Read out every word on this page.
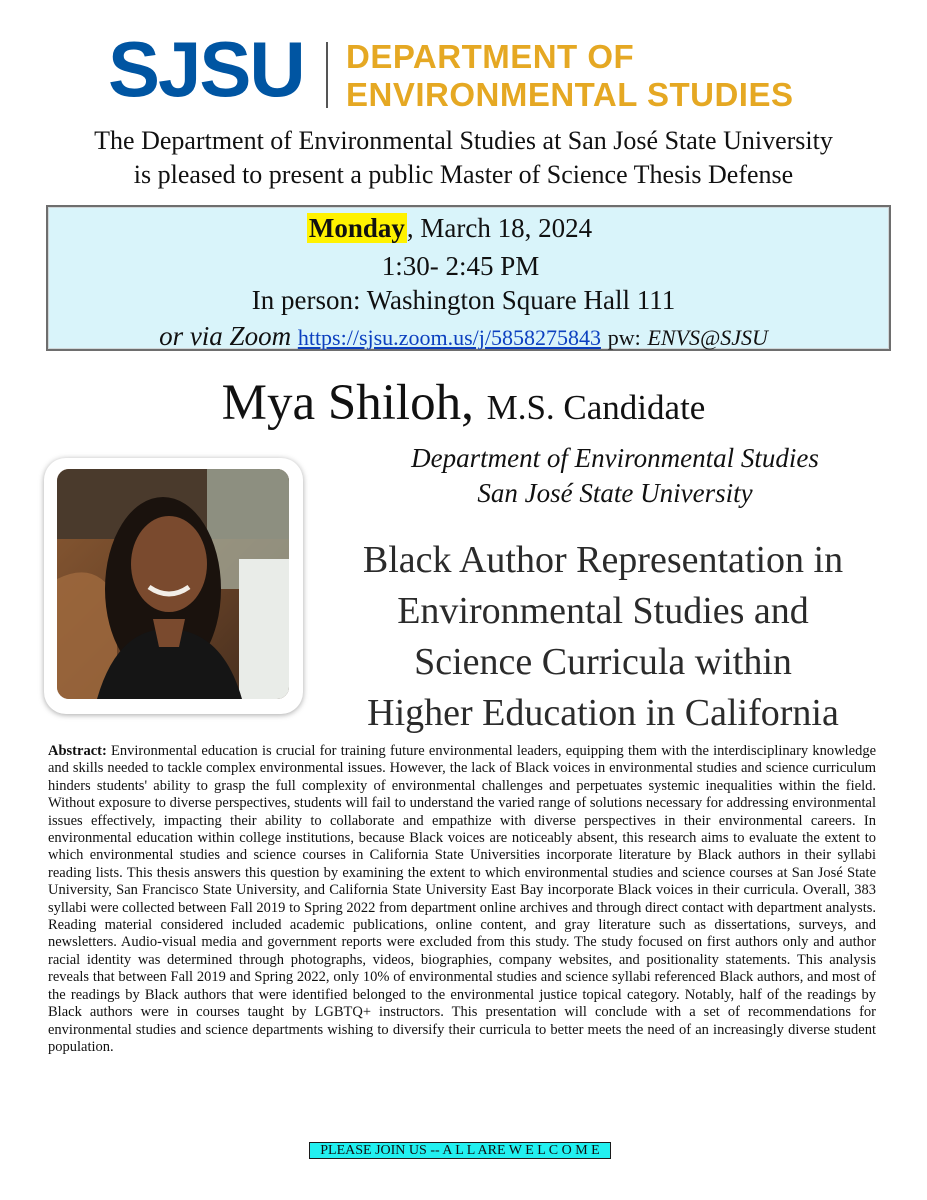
SJSU DEPARTMENT OF
ENVIRONMENTAL STUDIES
The Department of Environmental Studies at San José State University
is pleased to present a public Master of Science Thesis Defense
Monday, March 18, 2024
1:30- 2:45 PM
In person: Washington Square Hall 111
or via Zoom https://sjsu.zoom.us/j/5858275843 pw: ENVS@SJSU
Mya Shiloh, M.S. Candidate
Department of Environmental Studies
San José State University
Black Author Representation in
Environmental Studies and
Science Curricula within
Higher Education in California
Abstract: Environmental education is crucial for training future environmental leaders, equipping them with the interdisciplinary knowledge and skills needed to tackle complex environmental issues. However, the lack of Black voices in environmental studies and science curriculum hinders students' ability to grasp the full complexity of environmental challenges and perpetuates systemic inequalities within the field. Without exposure to diverse perspectives, students will fail to understand the varied range of solutions necessary for addressing environmental issues effectively, impacting their ability to collaborate and empathize with diverse perspectives in their environmental careers. In environmental education within college institutions, because Black voices are noticeably absent, this research aims to evaluate the extent to which environmental studies and science courses in California State Universities incorporate literature by Black authors in their syllabi reading lists. This thesis answers this question by examining the extent to which environmental studies and science courses at San José State University, San Francisco State University, and California State University East Bay incorporate Black voices in their curricula. Overall, 383 syllabi were collected between Fall 2019 to Spring 2022 from department online archives and through direct contact with department analysts. Reading material considered included academic publications, online content, and gray literature such as dissertations, surveys, and newsletters. Audio-visual media and government reports were excluded from this study. The study focused on first authors only and author racial identity was determined through photographs, videos, biographies, company websites, and positionality statements. This analysis reveals that between Fall 2019 and Spring 2022, only 10% of environmental studies and science syllabi referenced Black authors, and most of the readings by Black authors that were identified belonged to the environmental justice topical category. Notably, half of the readings by Black authors were in courses taught by LGBTQ+ instructors. This presentation will conclude with a set of recommendations for environmental studies and science departments wishing to diversify their curricula to better meets the need of an increasingly diverse student population.
PLEASE JOIN US -- A L L ARE W E L C O M E
